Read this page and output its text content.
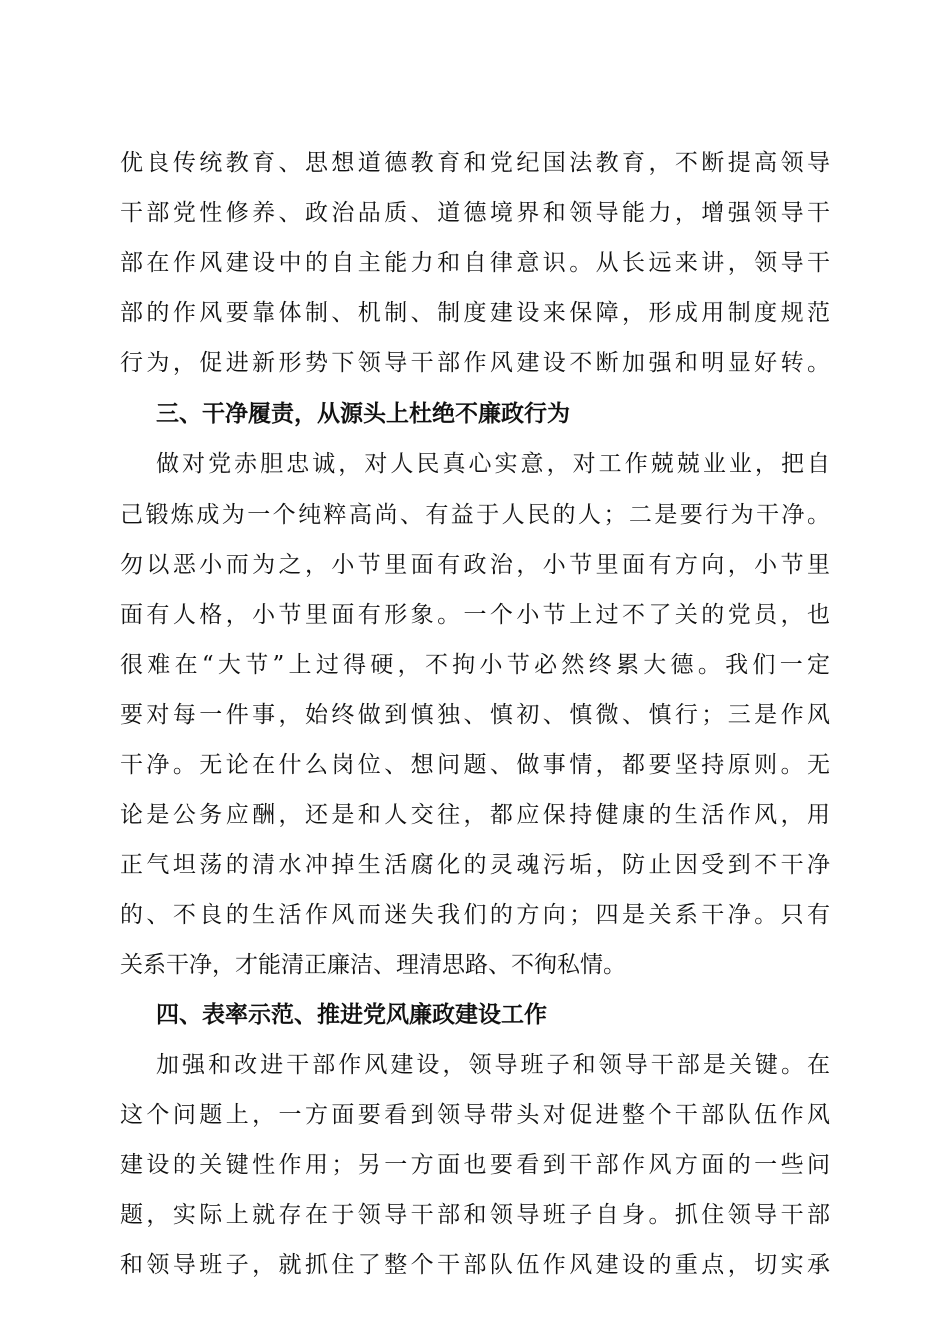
优良传统教育、思想道德教育和党纪国法教育，不断提高领导
干部党性修养、政治品质、道德境界和领导能力，增强领导干
部在作风建设中的自主能力和自律意识。从长远来讲，领导干
部的作风要靠体制、机制、制度建设来保障，形成用制度规范
行为，促进新形势下领导干部作风建设不断加强和明显好转。
三、干净履责，从源头上杜绝不廉政行为
做对党赤胆忠诚，对人民真心实意，对工作兢兢业业，把自
己锻炼成为一个纯粹高尚、有益于人民的人；二是要行为干净。
勿以恶小而为之，小节里面有政治，小节里面有方向，小节里
面有人格，小节里面有形象。一个小节上过不了关的党员，也
很难在“大节”上过得硬，不拘小节必然终累大德。我们一定
要对每一件事，始终做到慎独、慎初、慎微、慎行；三是作风
干净。无论在什么岗位、想问题、做事情，都要坚持原则。无
论是公务应酬，还是和人交往，都应保持健康的生活作风，用
正气坦荡的清水冲掉生活腐化的灵魂污垢，防止因受到不干净
的、不良的生活作风而迷失我们的方向；四是关系干净。只有
关系干净，才能清正廉洁、理清思路、不徇私情。
四、表率示范、推进党风廉政建设工作
加强和改进干部作风建设，领导班子和领导干部是关键。在
这个问题上，一方面要看到领导带头对促进整个干部队伍作风
建设的关键性作用；另一方面也要看到干部作风方面的一些问
题，实际上就存在于领导干部和领导班子自身。抓住领导干部
和领导班子，就抓住了整个干部队伍作风建设的重点，切实承
